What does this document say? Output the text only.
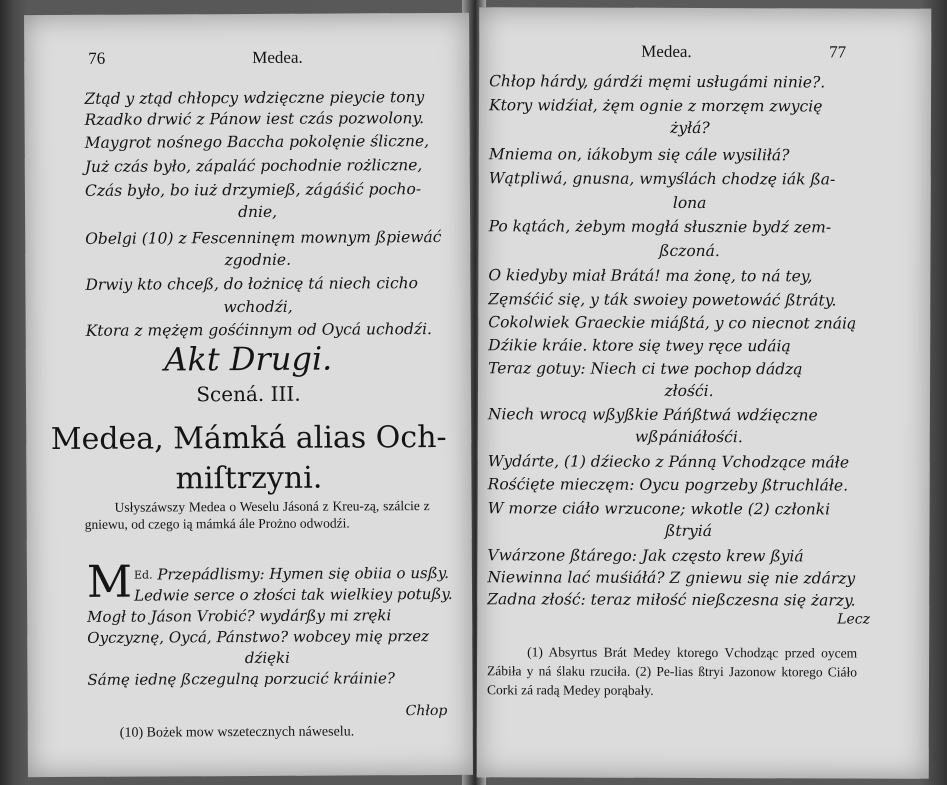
76	Medea.
Ztąd y ztąd chłopcy wdzięczne pieycie tony
Rzadko drwić z Pánow iest czás pozwolony.
Maygrot nośnego Baccha pokolęnie śliczne,
Już czás było, zápaláć pochodnie rożliczne,
Czás było, bo iuż drzymieß, zágáśić pocho-
dnie,
Obelgi (10) z Fescenninęm mownym ßpiewáć
zgodnie.
Drwiy kto chceß, do łożnicę tá niech cicho
wchodźi,
Ktora z mężęm gośćinnym od Oycá uchodźi.
Akt Drugi.
Scená. III.
Medea, Mámká alias Och-
miſtrzyni.
Usłyszáwszy Medea o Weselu Jásoná z Kreu-zą, szálcie z gniewu, od czego ią mámká ále Prożno odwodźi.
M $^{Ed.}$ Przepádlismy: Hymen się obiia o usßy.
Ledwie serce o złości tak wielkiey potußy.
Mogł to Jáson Vrobić? wydárßy mi zręki
Oyczyznę, Oycá, Pánstwo? wobcey mię przez
dźięki
Sámę iednę ßczegulną porzucić kráinie?
Chłop
(10) Bożek mow wszetecznych náweselu.
Medea.	77
Chłop hárdy, gárdźi męmi usługámi ninie?.
Ktory widźiał, żęm ognie z morzęm zwycię
żyłá?
Mniema on, iákobym się cále wysiliłá?
Wątpliwá, gnusna, wmyślách chodzę iák ßa-
lona
Po kątách, żebym mogłá słusznie bydź zem-
ßczoná.
O kiedyby miał Brátá! ma żonę, to ná tey,
Zęmśćić się, y ták swoiey powetowáć ßtráty.
Cokolwiek Graeckie miáßtá, y co niecnot znáią
Dźikie kráie. ktore się twey ręce udáią
Teraz gotuy: Niech ci twe pochop dádzą
złośći.
Niech wrocą wßyßkie Páńßtwá wdźięczne
wßpániáłośći.
Wydárte, (1) dźiecko z Pánną Vchodzące máłe
Rośćięte mieczęm: Oycu pogrzeby ßtruchláłe.
W morze ciáło wrzucone; wkotle (2) członki
ßtryiá
Vwárzone ßtárego: Jak często krew ßyiá
Niewinna lać muśiáłá? Z gniewu się nie zdárzy
Zadna złość: teraz miłość nießczesna się żarzy.
Lecz
(1) Absyrtus Brát Medey ktorego Vchodząc przed oycem Zábiła y ná ślaku rzuciła. (2) Pe-lias ßtryi Jazonow ktorego Ciáło Corki zá radą Medey porąbały.
